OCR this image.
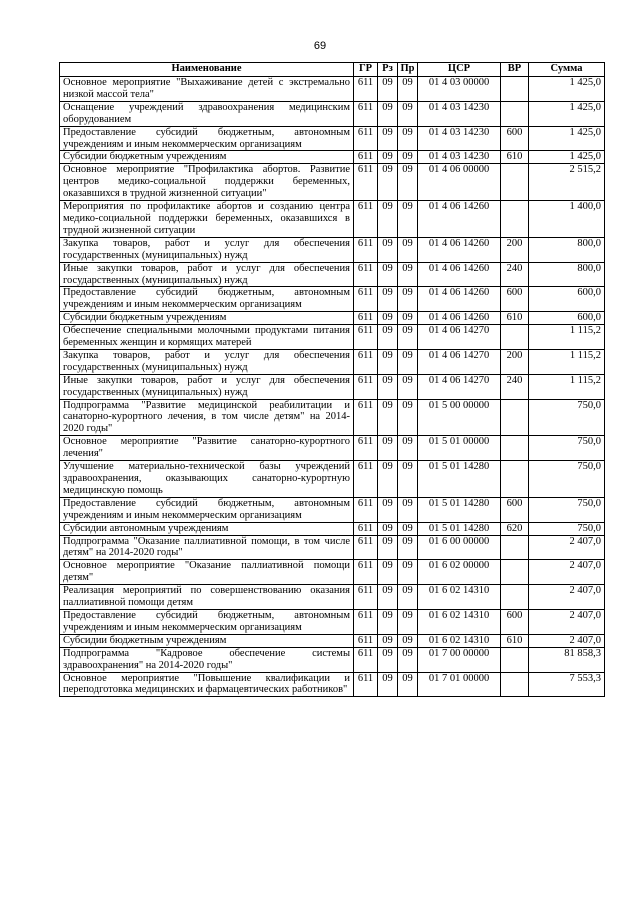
69
Наименование	ГР	Рз	Пр	ЦСР	ВР	Сумма
Основное мероприятие "Выхаживание детей с экстремально низкой массой тела"	611	09	09	01 4 03 00000		1 425,0
Оснащение учреждений здравоохранения медицинским оборудованием	611	09	09	01 4 03 14230		1 425,0
Предоставление субсидий бюджетным, автономным учреждениям и иным некоммерческим организациям	611	09	09	01 4 03 14230	600	1 425,0
Субсидии бюджетным учреждениям	611	09	09	01 4 03 14230	610	1 425,0
Основное мероприятие "Профилактика абортов. Развитие центров медико-социальной поддержки беременных, оказавшихся в трудной жизненной ситуации"	611	09	09	01 4 06 00000		2 515,2
Мероприятия по профилактике абортов и созданию центра медико-социальной поддержки беременных, оказавшихся в трудной жизненной ситуации	611	09	09	01 4 06 14260		1 400,0
Закупка товаров, работ и услуг для обеспечения государственных (муниципальных) нужд	611	09	09	01 4 06 14260	200	800,0
Иные закупки товаров, работ и услуг для обеспечения государственных (муниципальных) нужд	611	09	09	01 4 06 14260	240	800,0
Предоставление субсидий бюджетным, автономным учреждениям и иным некоммерческим организациям	611	09	09	01 4 06 14260	600	600,0
Субсидии бюджетным учреждениям	611	09	09	01 4 06 14260	610	600,0
Обеспечение специальными молочными продуктами питания беременных женщин и кормящих матерей	611	09	09	01 4 06 14270		1 115,2
Закупка товаров, работ и услуг для обеспечения государственных (муниципальных) нужд	611	09	09	01 4 06 14270	200	1 115,2
Иные закупки товаров, работ и услуг для обеспечения государственных (муниципальных) нужд	611	09	09	01 4 06 14270	240	1 115,2
Подпрограмма "Развитие медицинской реабилитации и санаторно-курортного лечения, в том числе детям" на 2014-2020 годы"	611	09	09	01 5 00 00000		750,0
Основное мероприятие "Развитие санаторно-курортного лечения"	611	09	09	01 5 01 00000		750,0
Улучшение материально-технической базы учреждений здравоохранения, оказывающих санаторно-курортную медицинскую помощь	611	09	09	01 5 01 14280		750,0
Предоставление субсидий бюджетным, автономным учреждениям и иным некоммерческим организациям	611	09	09	01 5 01 14280	600	750,0
Субсидии автономным учреждениям	611	09	09	01 5 01 14280	620	750,0
Подпрограмма "Оказание паллиативной помощи, в том числе детям" на 2014-2020 годы"	611	09	09	01 6 00 00000		2 407,0
Основное мероприятие "Оказание паллиативной помощи детям"	611	09	09	01 6 02 00000		2 407,0
Реализация мероприятий по совершенствованию оказания паллиативной помощи детям	611	09	09	01 6 02 14310		2 407,0
Предоставление субсидий бюджетным, автономным учреждениям и иным некоммерческим организациям	611	09	09	01 6 02 14310	600	2 407,0
Субсидии бюджетным учреждениям	611	09	09	01 6 02 14310	610	2 407,0
Подпрограмма "Кадровое обеспечение системы здравоохранения" на 2014-2020 годы"	611	09	09	01 7 00 00000		81 858,3
Основное мероприятие "Повышение квалификации и переподготовка медицинских и фармацевтических работников"	611	09	09	01 7 01 00000		7 553,3
